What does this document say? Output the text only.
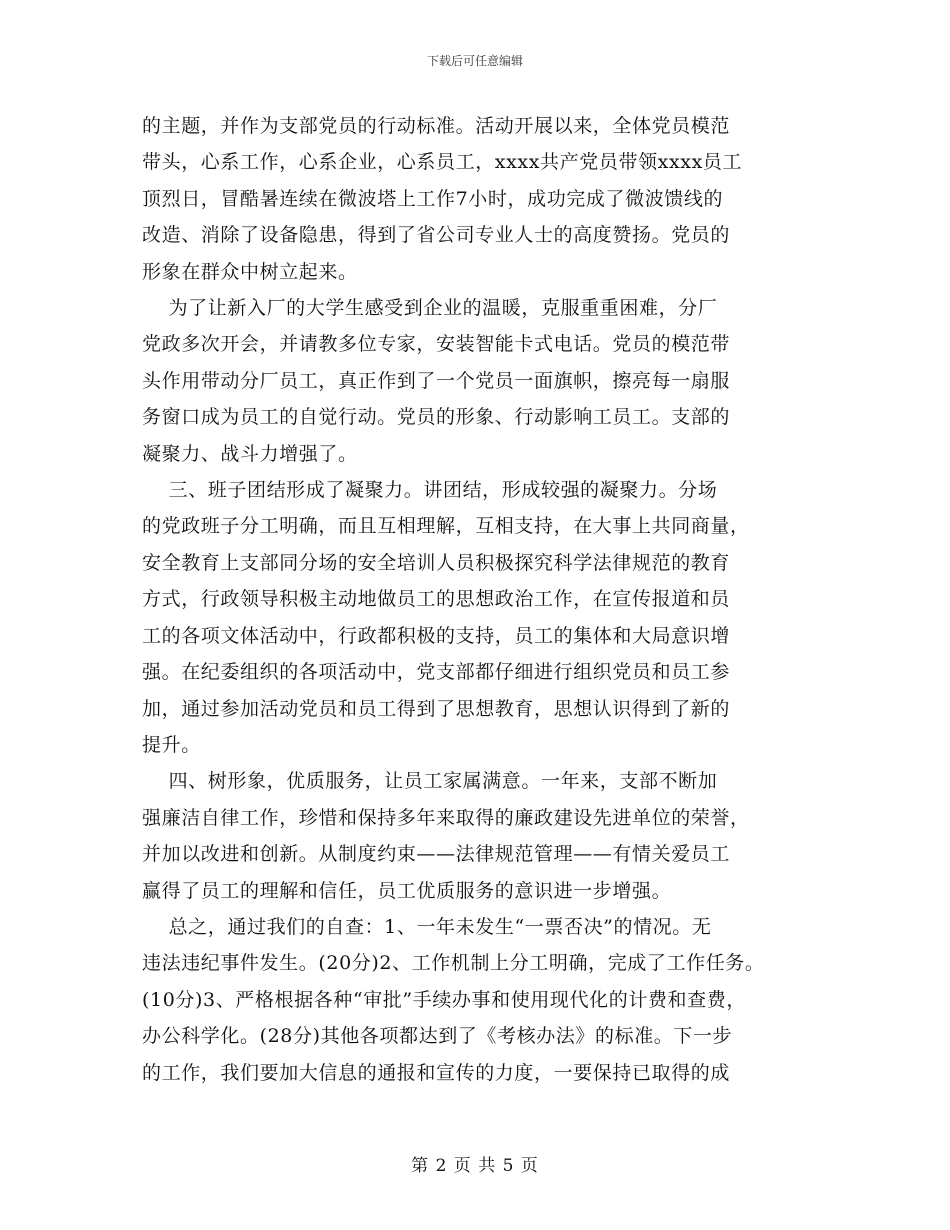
下载后可任意编辑

的主题，并作为支部党员的行动标准。活动开展以来，全体党员模范

带头，心系工作，心系企业，心系员工，xxxx共产党员带领xxxx员工

顶烈日，冒酷暑连续在微波塔上工作7小时，成功完成了微波馈线的

改造、消除了设备隐患，得到了省公司专业人士的高度赞扬。党员的

形象在群众中树立起来。

为了让新入厂的大学生感受到企业的温暖，克服重重困难，分厂

党政多次开会，并请教多位专家，安装智能卡式电话。党员的模范带

头作用带动分厂员工，真正作到了一个党员一面旗帜，擦亮每一扇服

务窗口成为员工的自觉行动。党员的形象、行动影响工员工。支部的

凝聚力、战斗力增强了。

三、班子团结形成了凝聚力。讲团结，形成较强的凝聚力。分场

的党政班子分工明确，而且互相理解，互相支持，在大事上共同商量，

安全教育上支部同分场的安全培训人员积极探究科学法律规范的教育

方式，行政领导积极主动地做员工的思想政治工作，在宣传报道和员

工的各项文体活动中，行政都积极的支持，员工的集体和大局意识增

强。在纪委组织的各项活动中，党支部都仔细进行组织党员和员工参

加，通过参加活动党员和员工得到了思想教育，思想认识得到了新的

提升。

四、树形象，优质服务，让员工家属满意。一年来，支部不断加

强廉洁自律工作，珍惜和保持多年来取得的廉政建设先进单位的荣誉，

并加以改进和创新。从制度约束——法律规范管理——有情关爱员工

赢得了员工的理解和信任，员工优质服务的意识进一步增强。

总之，通过我们的自查：1、一年未发生“一票否决”的情况。无

违法违纪事件发生。(20分)2、工作机制上分工明确，完成了工作任务。

(10分)3、严格根据各种“审批”手续办事和使用现代化的计费和查费，

办公科学化。(28分)其他各项都达到了《考核办法》的标准。下一步

的工作，我们要加大信息的通报和宣传的力度，一要保持已取得的成

第 2 页 共 5 页
